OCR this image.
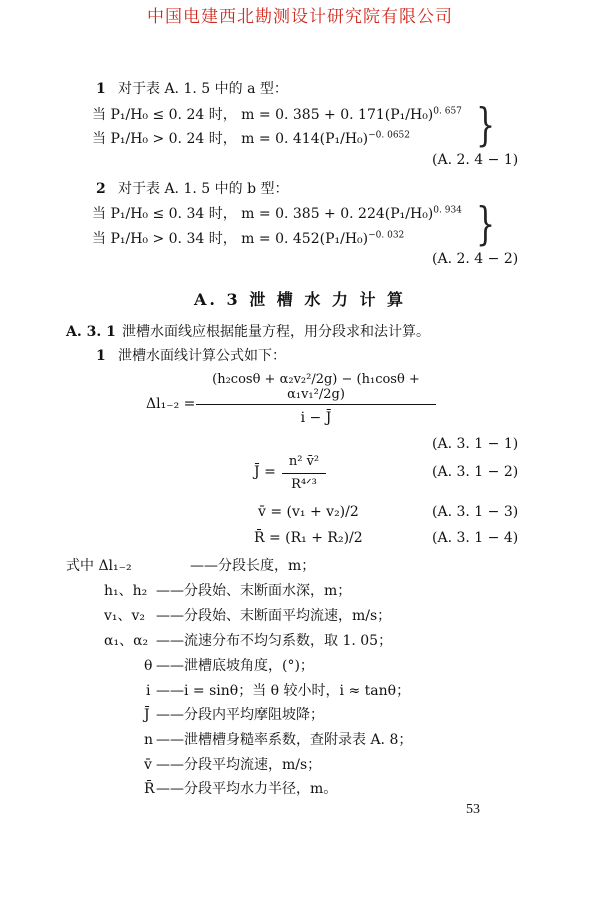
中国电建西北勘测设计研究院有限公司
1 对于表 A. 1. 5 中的 a 型：
当 P₁/H₀ ≤ 0. 24 时， m = 0. 385 + 0. $171(P_1/H_0)^{0. 657}$
当 P₁/H₀ > 0. 24 时， m = 0. $414(P_1/H_0)^{-0. 0652}$ }
(A. 2. 4 − 1)
2 对于表 A. 1. 5 中的 b 型：
当 P₁/H₀ ≤ 0. 34 时， m = 0. 385 + 0. $224(P_1/H_0)^{0. 934}$
当 P₁/H₀ > 0. 34 时， m = 0. $452(P_1/H_0)^{-0. 032}$ }
(A. 2. 4 − 2)
A. 3 泄 槽 水 力 计 算
A. 3. 1 泄槽水面线应根据能量方程，用分段求和法计算。
1 泄槽水面线计算公式如下：
Δl₁₋₂ =
(h₂cosθ + α₂v₂²/2g) − (h₁cosθ + α₁v₁²/2g)
i − J̄
(A. 3. 1 − 1)
J̄ =
n² v̄²
R⁴ᐟ³
(A. 3. 1 − 2)
v̄ = (v₁ + v₂)/2	(A. 3. 1 − 3)
R̄ = (R₁ + R₂)/2	(A. 3. 1 − 4)
式中 Δl₁₋₂	——分段长度，m；
h₁、h₂ ——分段始、末断面水深，m；
v₁、v₂ ——分段始、末断面平均流速，m/s；
α₁、α₂ ——流速分布不均匀系数，取 1. 05；
θ ——泄槽底坡角度，(°)；
i ——i = sinθ；当 θ 较小时，i ≈ tanθ；
J̄ ——分段内平均摩阻坡降；
n ——泄槽槽身糙率系数，查附录表 A. 8；
v̄ ——分段平均流速，m/s；
R̄ ——分段平均水力半径，m。
53
